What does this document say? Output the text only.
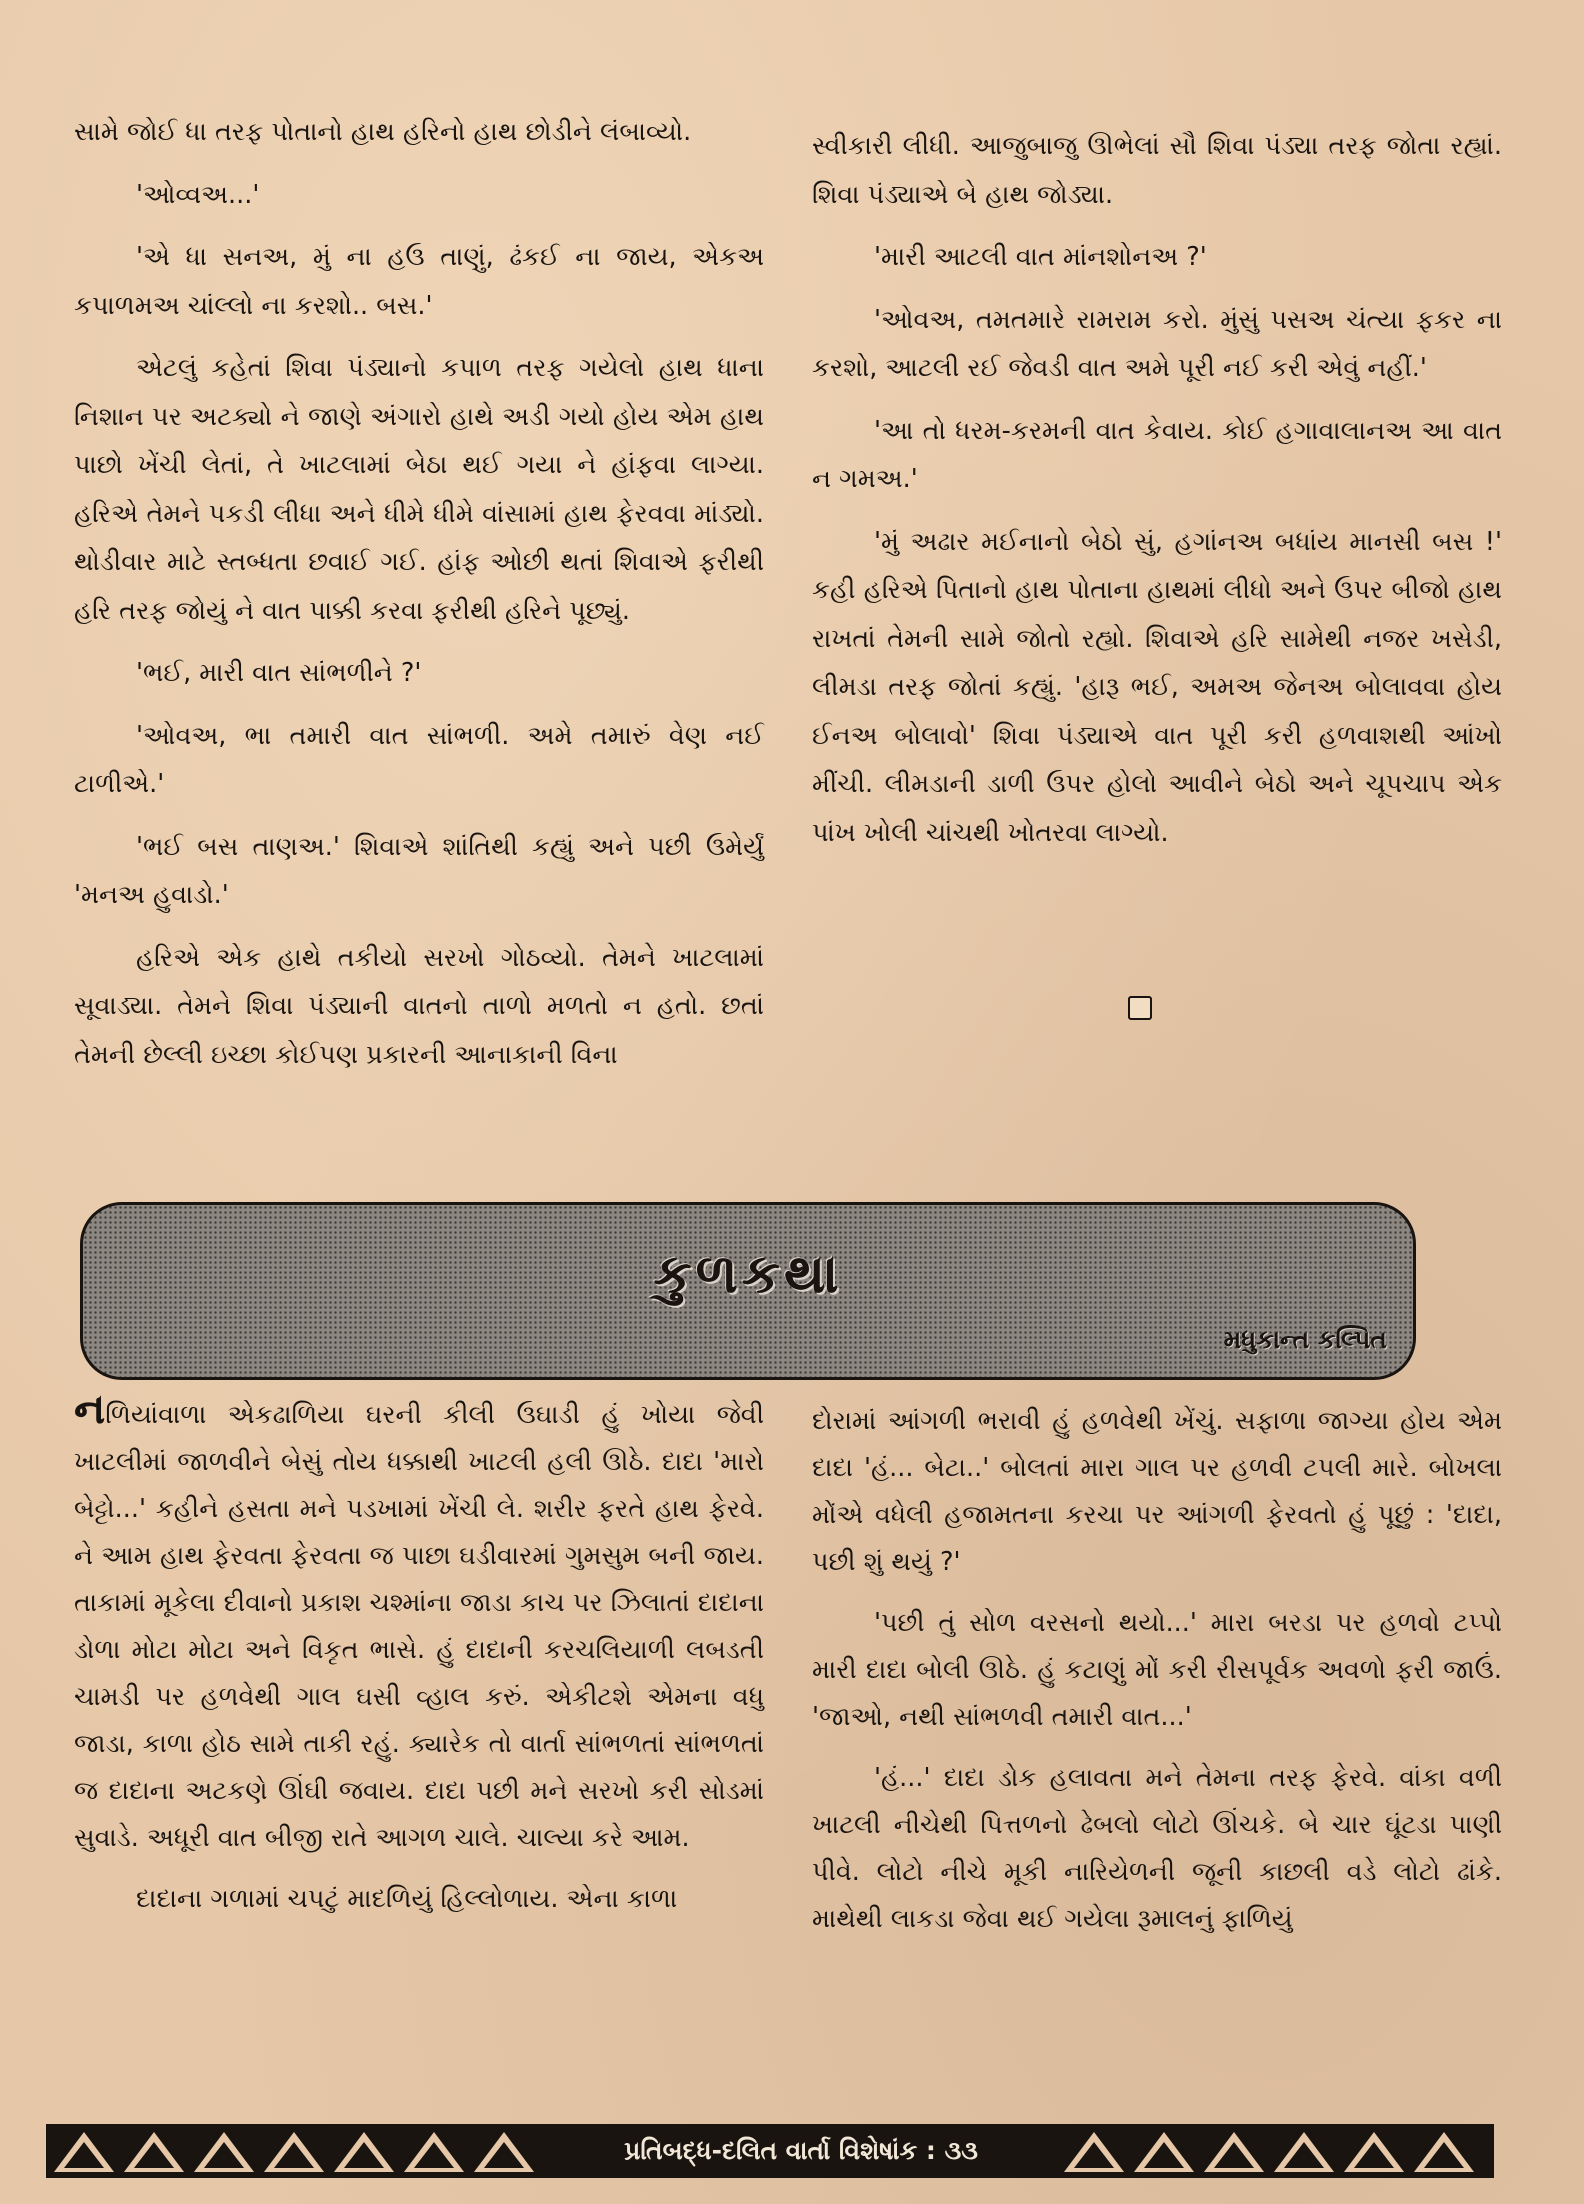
સામે જોઈ ધા તરફ પોતાનો હાથ હરિનો હાથ છોડીને લંબાવ્યો.

'ઓવ્વઅ...'

'એ ધા સનઅ, મું ના હઉ તાણું, ઢંકઈ ના જાય, એકઅ કપાળમઅ ચાંલ્લો ના કરશો.. બસ.'

એટલું કહેતાં શિવા પંડ્યાનો કપાળ તરફ ગયેલો હાથ ધાના નિશાન પર અટક્યો ને જાણે અંગારો હાથે અડી ગયો હોય એમ હાથ પાછો ખેંચી લેતાં, તે ખાટલામાં બેઠા થઈ ગયા ને હાંફવા લાગ્યા. હરિએ તેમને પકડી લીધા અને ધીમે ધીમે વાંસામાં હાથ ફેરવવા માંડ્યો. થોડીવાર માટે સ્તબ્ધતા છવાઈ ગઈ. હાંફ ઓછી થતાં શિવાએ ફરીથી હરિ તરફ જોયું ને વાત પાક્કી કરવા ફરીથી હરિને પૂછ્યું.

'ભઈ, મારી વાત સાંભળીને ?'

'ઓવઅ, ભા તમારી વાત સાંભળી. અમે તમારું વેણ નઈ ટાળીએ.'

'ભઈ બસ તાણઅ.' શિવાએ શાંતિથી કહ્યું અને પછી ઉમેર્યું 'મનઅ હુવાડો.'

હરિએ એક હાથે તકીયો સરખો ગોઠવ્યો. તેમને ખાટલામાં સૂવાડ્યા. તેમને શિવા પંડ્યાની વાતનો તાળો મળતો ન હતો. છતાં તેમની છેલ્લી ઇચ્છા કોઈપણ પ્રકારની આનાકાની વિના

સ્વીકારી લીધી. આજુબાજુ ઊભેલાં સૌ શિવા પંડ્યા તરફ જોતા રહ્યાં. શિવા પંડ્યાએ બે હાથ જોડ્યા.

'મારી આટલી વાત માંનશોનઅ ?'

'ઓવઅ, તમતમારે રામરામ કરો. મુંસું પસઅ ચંત્યા ફકર ના કરશો, આટલી રઈ જેવડી વાત અમે પૂરી નઈ કરી એવું નહીં.'

'આ તો ધરમ-કરમની વાત કેવાય. કોઈ હગાવાલાનઅ આ વાત ન ગમઅ.'

'મું અઢાર મઈનાનો બેઠો સું, હગાંનઅ બધાંય માનસી બસ !' કહી હરિએ પિતાનો હાથ પોતાના હાથમાં લીધો અને ઉપર બીજો હાથ રાખતાં તેમની સામે જોતો રહ્યો. શિવાએ હરિ સામેથી નજર ખસેડી, લીમડા તરફ જોતાં કહ્યું. 'હારૂ ભઈ, અમઅ જેનઅ બોલાવવા હોય ઈનઅ બોલાવો' શિવા પંડ્યાએ વાત પૂરી કરી હળવાશથી આંખો મીંચી. લીમડાની ડાળી ઉપર હોલો આવીને બેઠો અને ચૂપચાપ એક પાંખ ખોલી ચાંચથી ખોતરવા લાગ્યો.

કુળકથા
મધુકાન્ત કલ્પિત

નળિયાંવાળા એકઢાળિયા ઘરની કીલી ઉઘાડી હું ખોયા જેવી ખાટલીમાં જાળવીને બેસું તોય ધક્કાથી ખાટલી હલી ઊઠે. દાદા 'મારો બેટ્ટો...' કહીને હસતા મને પડખામાં ખેંચી લે. શરીર ફરતે હાથ ફેરવે. ને આમ હાથ ફેરવતા ફેરવતા જ પાછા ઘડીવારમાં ગુમસુમ બની જાય. તાકામાં મૂકેલા દીવાનો પ્રકાશ ચશ્માંના જાડા કાચ પર ઝિલાતાં દાદાના ડોળા મોટા મોટા અને વિકૃત ભાસે. હું દાદાની કરચલિયાળી લબડતી ચામડી પર હળવેથી ગાલ ઘસી વ્હાલ કરું. એકીટશે એમના વધુ જાડા, કાળા હોઠ સામે તાકી રહું. ક્યારેક તો વાર્તા સાંભળતાં સાંભળતાં જ દાદાના અટકણે ઊંઘી જવાય. દાદા પછી મને સરખો કરી સોડમાં સુવાડે. અધૂરી વાત બીજી રાતે આગળ ચાલે. ચાલ્યા કરે આમ.

દાદાના ગળામાં ચપટું માદળિયું હિલ્લોળાય. એના કાળા

દોરામાં આંગળી ભરાવી હું હળવેથી ખેંચું. સફાળા જાગ્યા હોય એમ દાદા 'હં... બેટા..' બોલતાં મારા ગાલ પર હળવી ટપલી મારે. બોખલા મોંએ વધેલી હજામતના કરચા પર આંગળી ફેરવતો હું પૂછું : 'દાદા, પછી શું થયું ?'

'પછી તું સોળ વરસનો થયો...' મારા બરડા પર હળવો ટપ્પો મારી દાદા બોલી ઊઠે. હું કટાણું મોં કરી રીસપૂર્વક અવળો ફરી જાઉં. 'જાઓ, નથી સાંભળવી તમારી વાત...'

'હં...' દાદા ડોક હલાવતા મને તેમના તરફ ફેરવે. વાંકા વળી ખાટલી નીચેથી પિત્તળનો ઢેબલો લોટો ઊંચકે. બે ચાર ઘૂંટડા પાણી પીવે. લોટો નીચે મૂકી નારિયેળની જૂની કાછલી વડે લોટો ઢાંકે. માથેથી લાકડા જેવા થઈ ગયેલા રૂમાલનું ફાળિયું

પ્રતિબદ્ધ-દલિત વાર્તા વિશેષાંક : ૩૩
